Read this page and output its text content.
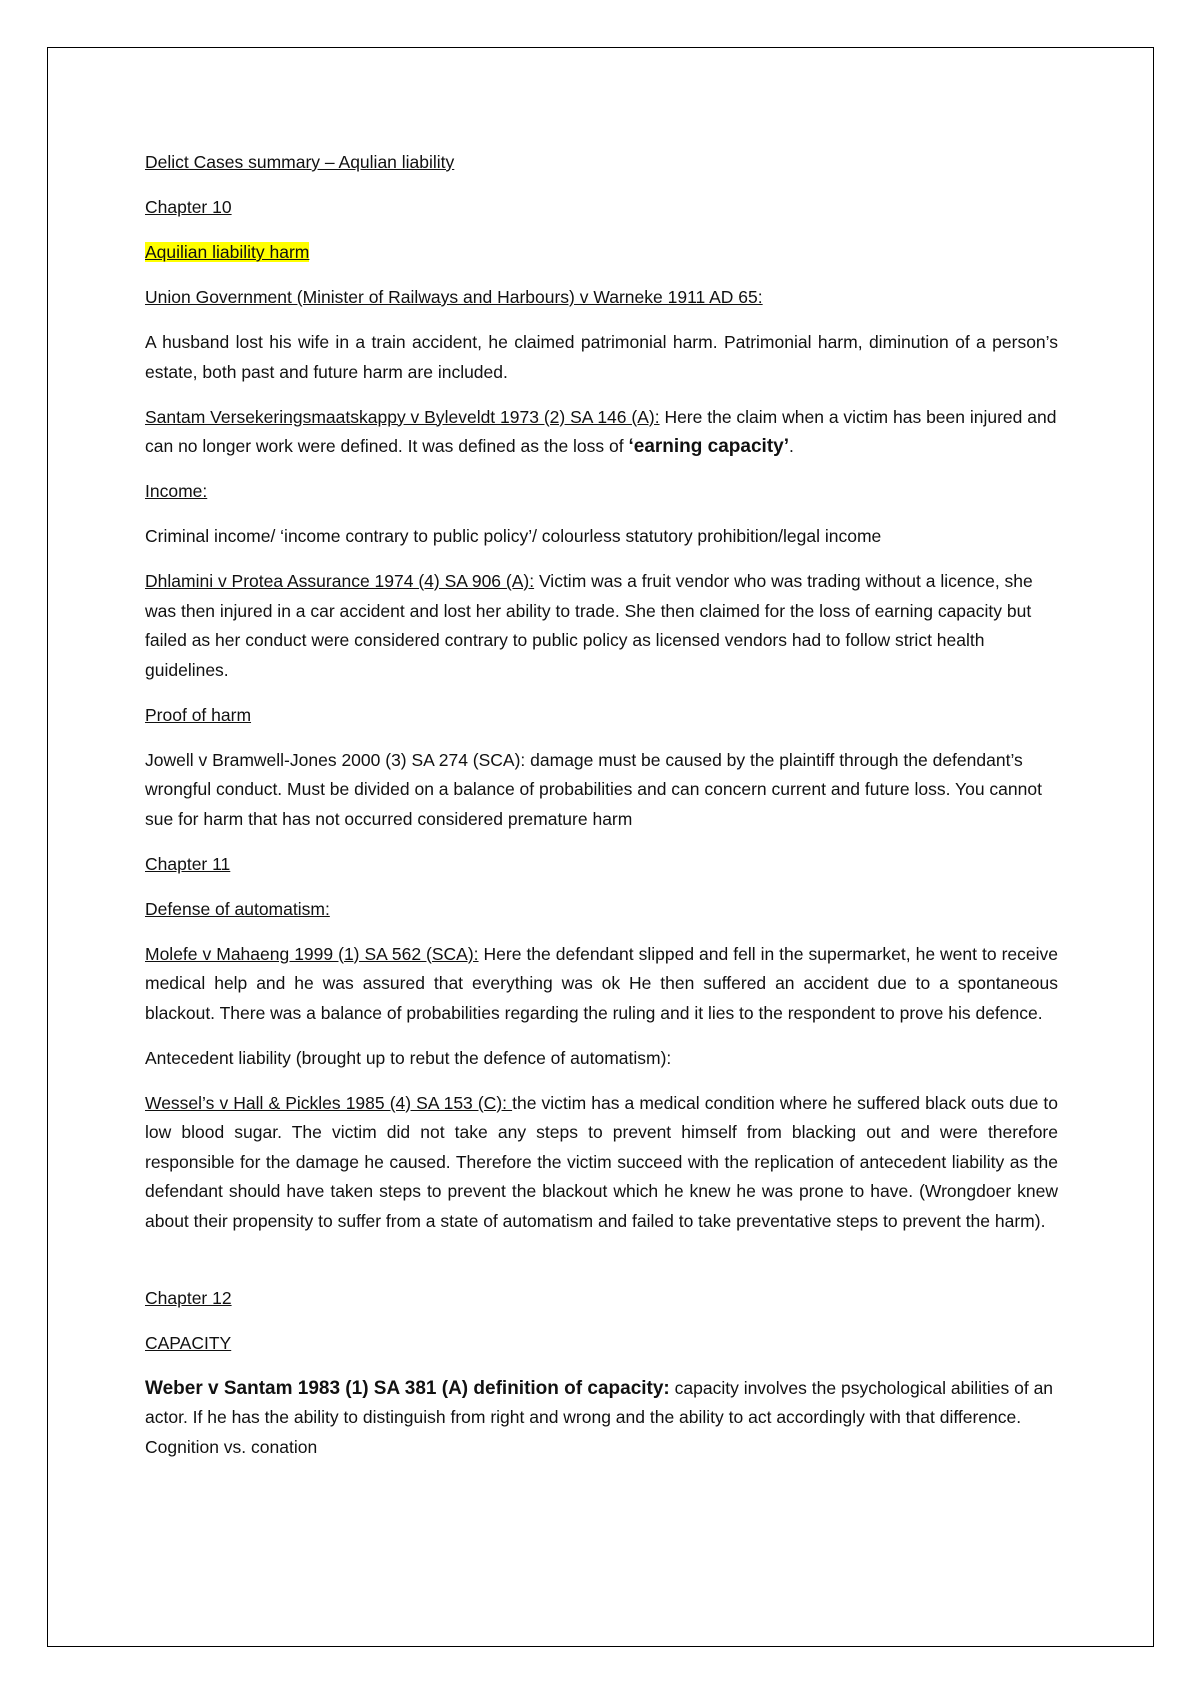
Delict Cases summary – Aqulian liability

Chapter 10

Aquilian liability harm

Union Government (Minister of Railways and Harbours) v Warneke 1911 AD 65:

A husband lost his wife in a train accident, he claimed patrimonial harm. Patrimonial harm, diminution of a person’s estate, both past and future harm are included.

Santam Versekeringsmaatskappy v Byleveldt 1973 (2) SA 146 (A): Here the claim when a victim has been injured and can no longer work were defined. It was defined as the loss of ‘earning capacity’.

Income:

Criminal income/ ‘income contrary to public policy’/ colourless statutory prohibition/legal income

Dhlamini v Protea Assurance 1974 (4) SA 906 (A): Victim was a fruit vendor who was trading without a licence, she was then injured in a car accident and lost her ability to trade. She then claimed for the loss of earning capacity but failed as her conduct were considered contrary to public policy as licensed vendors had to follow strict health guidelines.

Proof of harm

Jowell v Bramwell-Jones 2000 (3) SA 274 (SCA): damage must be caused by the plaintiff through the defendant’s wrongful conduct. Must be divided on a balance of probabilities and can concern current and future loss. You cannot sue for harm that has not occurred considered premature harm

Chapter 11

Defense of automatism:

Molefe v Mahaeng 1999 (1) SA 562 (SCA): Here the defendant slipped and fell in the supermarket, he went to receive medical help and he was assured that everything was ok He then suffered an accident due to a spontaneous blackout. There was a balance of probabilities regarding the ruling and it lies to the respondent to prove his defence.

Antecedent liability (brought up to rebut the defence of automatism):

Wessel’s v Hall & Pickles 1985 (4) SA 153 (C): the victim has a medical condition where he suffered black outs due to low blood sugar. The victim did not take any steps to prevent himself from blacking out and were therefore responsible for the damage he caused. Therefore the victim succeed with the replication of antecedent liability as the defendant should have taken steps to prevent the blackout which he knew he was prone to have. (Wrongdoer knew about their propensity to suffer from a state of automatism and failed to take preventative steps to prevent the harm).

Chapter 12

CAPACITY

Weber v Santam 1983 (1) SA 381 (A) definition of capacity: capacity involves the psychological abilities of an actor. If he has the ability to distinguish from right and wrong and the ability to act accordingly with that difference. Cognition vs. conation
